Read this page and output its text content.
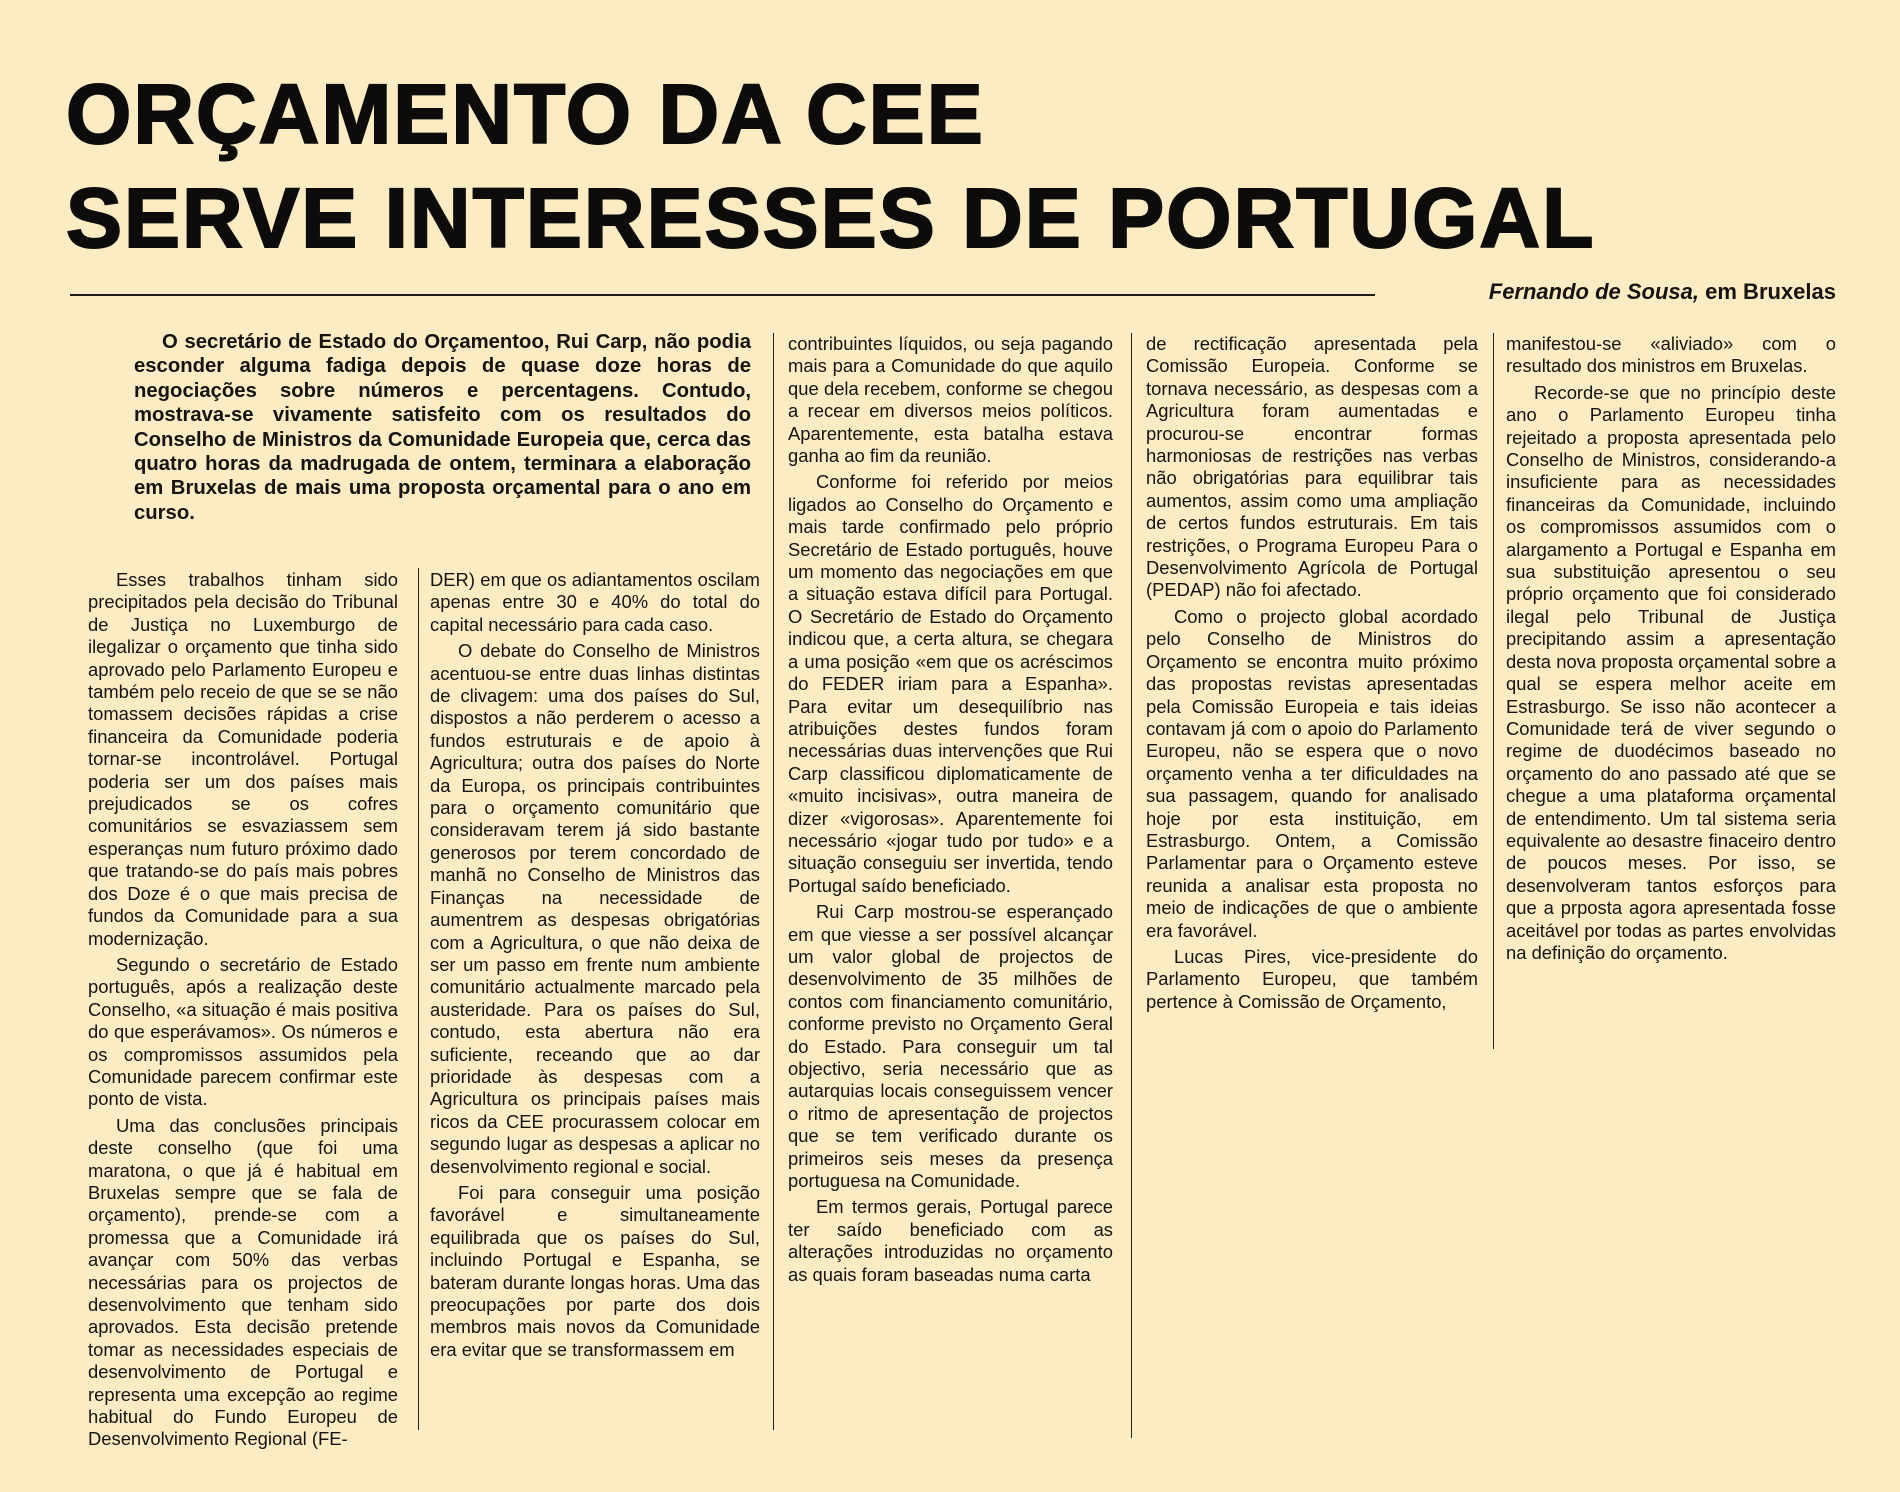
ORÇAMENTO DA CEE
SERVE INTERESSES DE PORTUGAL
Fernando de Sousa, em Bruxelas

O secretário de Estado do Orçamentoo, Rui Carp, não podia esconder alguma fadiga depois de quase doze horas de negociações sobre números e percentagens. Contudo, mostrava-se vivamente satisfeito com os resultados do Conselho de Ministros da Comunidade Europeia que, cerca das quatro horas da madrugada de ontem, terminara a elaboração em Bruxelas de mais uma proposta orçamental para o ano em curso.

Esses trabalhos tinham sido precipitados pela decisão do Tribunal de Justiça no Luxemburgo de ilegalizar o orçamento que tinha sido aprovado pelo Parlamento Europeu e também pelo receio de que se se não tomassem decisões rápidas a crise financeira da Comunidade poderia tornar-se incontrolável. Portugal poderia ser um dos países mais prejudicados se os cofres comunitários se esvaziassem sem esperanças num futuro próximo dado que tratando-se do país mais pobres dos Doze é o que mais precisa de fundos da Comunidade para a sua modernização.

Segundo o secretário de Estado português, após a realização deste Conselho, «a situação é mais positiva do que esperávamos». Os números e os compromissos assumidos pela Comunidade parecem confirmar este ponto de vista.

Uma das conclusões principais deste conselho (que foi uma maratona, o que já é habitual em Bruxelas sempre que se fala de orçamento), prende-se com a promessa que a Comunidade irá avançar com 50% das verbas necessárias para os projectos de desenvolvimento que tenham sido aprovados. Esta decisão pretende tomar as necessidades especiais de desenvolvimento de Portugal e representa uma excepção ao regime habitual do Fundo Europeu de Desenvolvimento Regional (FE-

DER) em que os adiantamentos oscilam apenas entre 30 e 40% do total do capital necessário para cada caso.

O debate do Conselho de Ministros acentuou-se entre duas linhas distintas de clivagem: uma dos países do Sul, dispostos a não perderem o acesso a fundos estruturais e de apoio à Agricultura; outra dos países do Norte da Europa, os principais contribuintes para o orçamento comunitário que consideravam terem já sido bastante generosos por terem concordado de manhã no Conselho de Ministros das Finanças na necessidade de aumentrem as despesas obrigatórias com a Agricultura, o que não deixa de ser um passo em frente num ambiente comunitário actualmente marcado pela austeridade. Para os países do Sul, contudo, esta abertura não era suficiente, receando que ao dar prioridade às despesas com a Agricultura os principais países mais ricos da CEE procurassem colocar em segundo lugar as despesas a aplicar no desenvolvimento regional e social.

Foi para conseguir uma posição favorável e simultaneamente equilibrada que os países do Sul, incluindo Portugal e Espanha, se bateram durante longas horas. Uma das preocupações por parte dos dois membros mais novos da Comunidade era evitar que se transformassem em

contribuintes líquidos, ou seja pagando mais para a Comunidade do que aquilo que dela recebem, conforme se chegou a recear em diversos meios políticos. Aparentemente, esta batalha estava ganha ao fim da reunião.

Conforme foi referido por meios ligados ao Conselho do Orçamento e mais tarde confirmado pelo próprio Secretário de Estado português, houve um momento das negociações em que a situação estava difícil para Portugal. O Secretário de Estado do Orçamento indicou que, a certa altura, se chegara a uma posição «em que os acréscimos do FEDER iriam para a Espanha». Para evitar um desequilíbrio nas atribuições destes fundos foram necessárias duas intervenções que Rui Carp classificou diplomaticamente de «muito incisivas», outra maneira de dizer «vigorosas». Aparentemente foi necessário «jogar tudo por tudo» e a situação conseguiu ser invertida, tendo Portugal saído beneficiado.

Rui Carp mostrou-se esperançado em que viesse a ser possível alcançar um valor global de projectos de desenvolvimento de 35 milhões de contos com financiamento comunitário, conforme previsto no Orçamento Geral do Estado. Para conseguir um tal objectivo, seria necessário que as autarquias locais conseguissem vencer o ritmo de apresentação de projectos que se tem verificado durante os primeiros seis meses da presença portuguesa na Comunidade.

Em termos gerais, Portugal parece ter saído beneficiado com as alterações introduzidas no orçamento as quais foram baseadas numa carta

de rectificação apresentada pela Comissão Europeia. Conforme se tornava necessário, as despesas com a Agricultura foram aumentadas e procurou-se encontrar formas harmoniosas de restrições nas verbas não obrigatórias para equilibrar tais aumentos, assim como uma ampliação de certos fundos estruturais. Em tais restrições, o Programa Europeu Para o Desenvolvimento Agrícola de Portugal (PEDAP) não foi afectado.

Como o projecto global acordado pelo Conselho de Ministros do Orçamento se encontra muito próximo das propostas revistas apresentadas pela Comissão Europeia e tais ideias contavam já com o apoio do Parlamento Europeu, não se espera que o novo orçamento venha a ter dificuldades na sua passagem, quando for analisado hoje por esta instituição, em Estrasburgo. Ontem, a Comissão Parlamentar para o Orçamento esteve reunida a analisar esta proposta no meio de indicações de que o ambiente era favorável.

Lucas Pires, vice-presidente do Parlamento Europeu, que também pertence à Comissão de Orçamento,

manifestou-se «aliviado» com o resultado dos ministros em Bruxelas.

Recorde-se que no princípio deste ano o Parlamento Europeu tinha rejeitado a proposta apresentada pelo Conselho de Ministros, considerando-a insuficiente para as necessidades financeiras da Comunidade, incluindo os compromissos assumidos com o alargamento a Portugal e Espanha em sua substituição apresentou o seu próprio orçamento que foi considerado ilegal pelo Tribunal de Justiça precipitando assim a apresentação desta nova proposta orçamental sobre a qual se espera melhor aceite em Estrasburgo. Se isso não acontecer a Comunidade terá de viver segundo o regime de duodécimos baseado no orçamento do ano passado até que se chegue a uma plataforma orçamental de entendimento. Um tal sistema seria equivalente ao desastre finaceiro dentro de poucos meses. Por isso, se desenvolveram tantos esforços para que a prposta agora apresentada fosse aceitável por todas as partes envolvidas na definição do orçamento.
